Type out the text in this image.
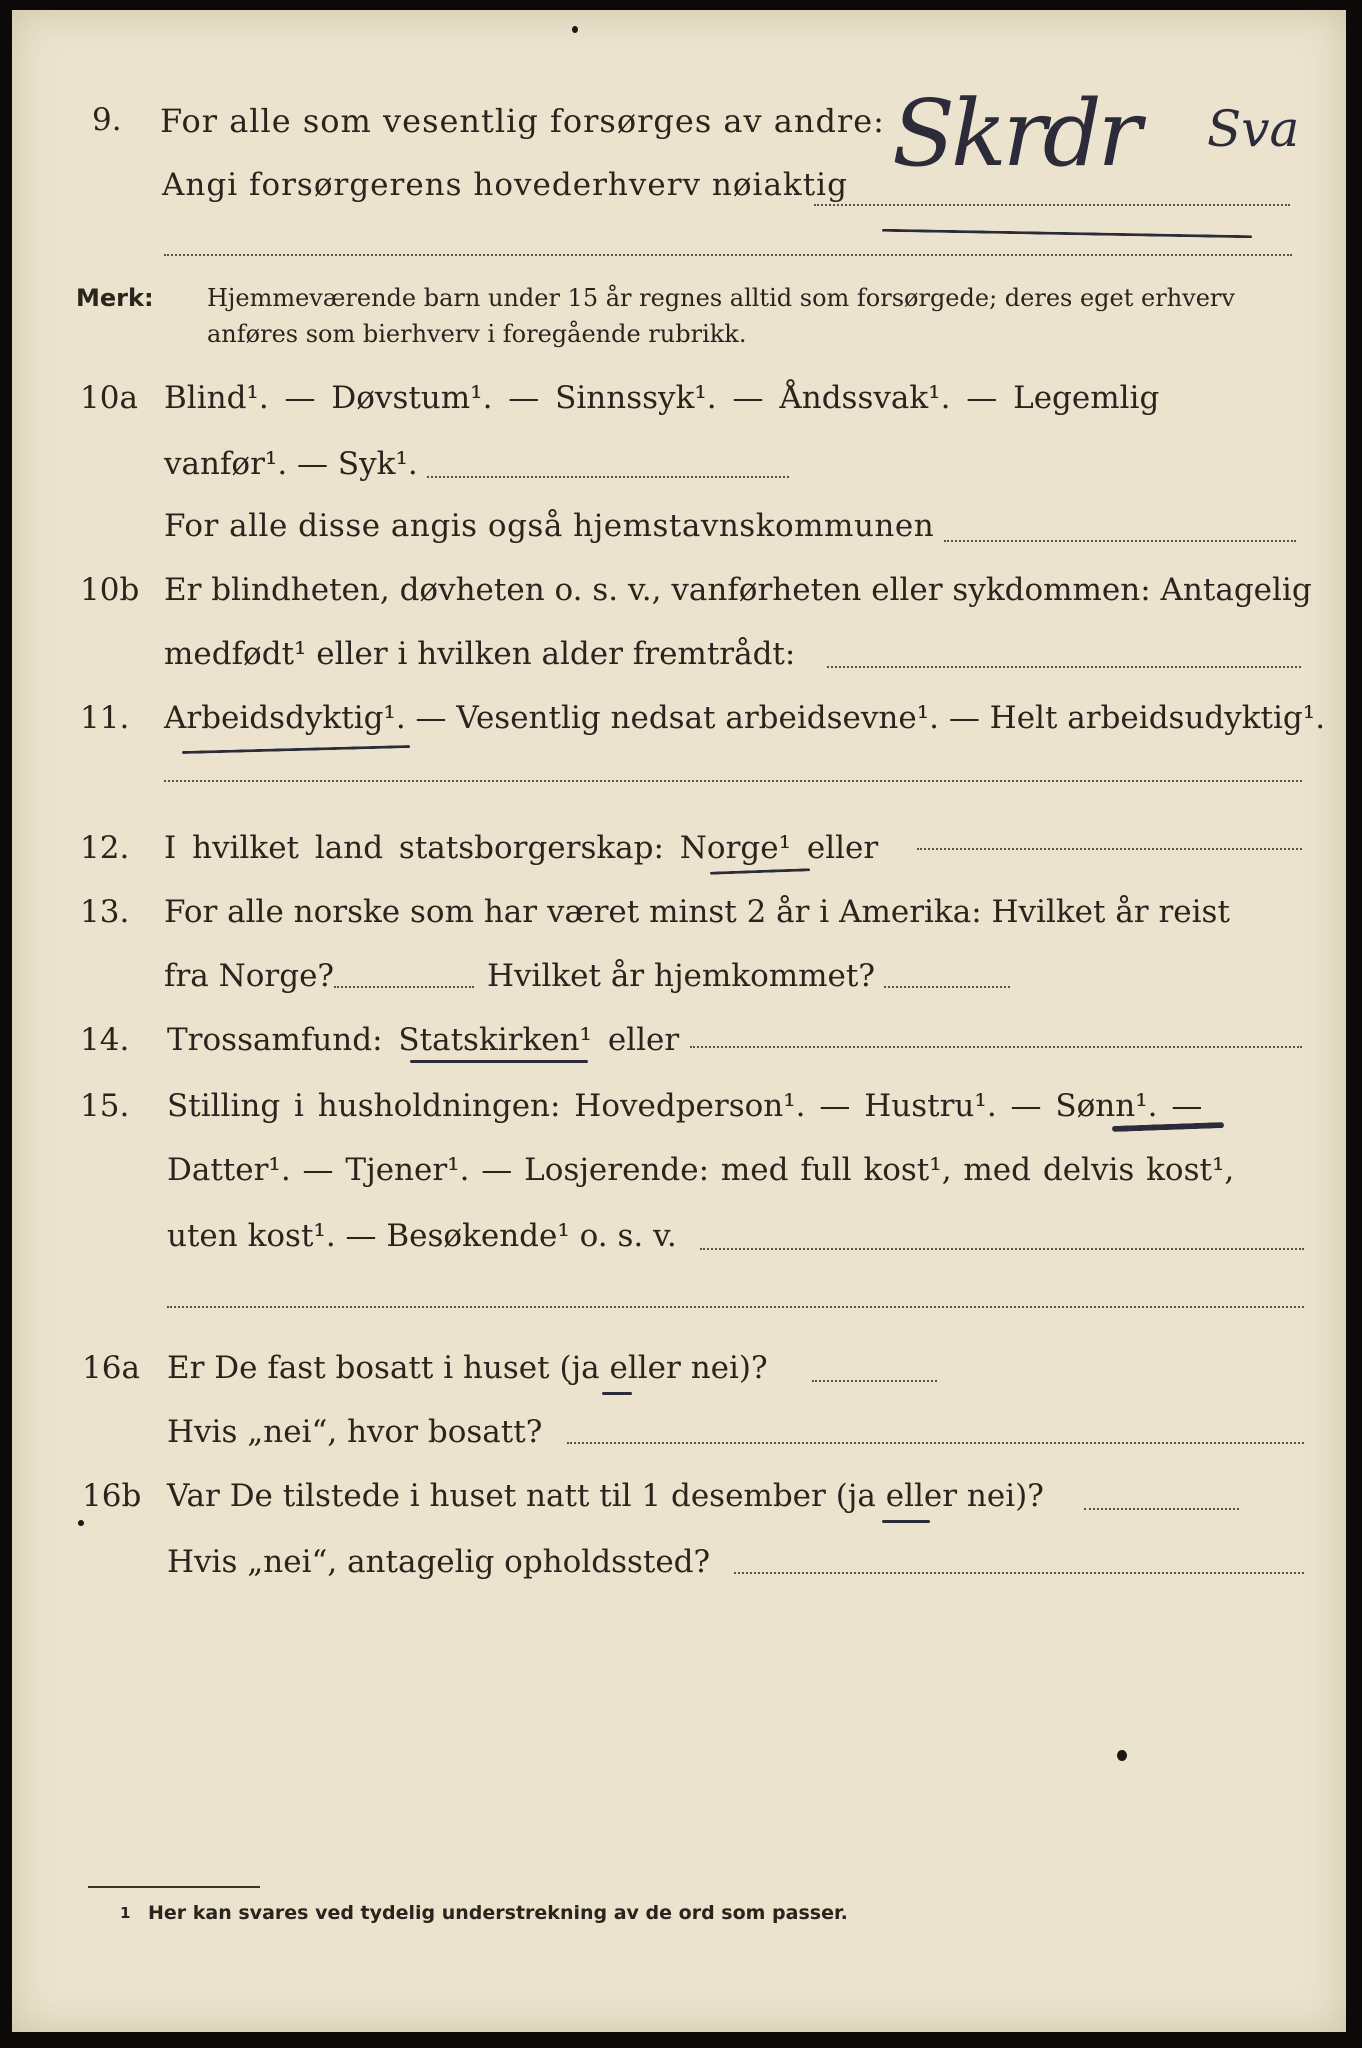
9. For alle som vesentlig forsørges av andre:
Angi forsørgerens hovederhverv nøiaktig Skrdr Sva
Merk: Hjemmeværende barn under 15 år regnes alltid som forsørgede; deres eget erhverv
anføres som bierhverv i foregående rubrikk.
10a Blind¹. — Døvstum¹. — Sinnssyk¹. — Åndssvak¹. — Legemlig
vanfør¹. — Syk¹.
For alle disse angis også hjemstavnskommunen
10b Er blindheten, døvheten o. s. v., vanførheten eller sykdommen: Antagelig
medfødt¹ eller i hvilken alder fremtrådt:
11. Arbeidsdyktig¹. — Vesentlig nedsat arbeidsevne¹. — Helt arbeidsudyktig¹.
12. I hvilket land statsborgerskap: Norge¹ eller
13. For alle norske som har været minst 2 år i Amerika: Hvilket år reist
fra Norge?	Hvilket år hjemkommet?
14. Trossamfund: Statskirken¹ eller
15. Stilling i husholdningen: Hovedperson¹. — Hustru¹. — Sønn¹. —
Datter¹. — Tjener¹. — Losjerende: med full kost¹, med delvis kost¹,
uten kost¹. — Besøkende¹ o. s. v.
16a Er De fast bosatt i huset (ja eller nei)?
Hvis „nei“, hvor bosatt?
16b Var De tilstede i huset natt til 1 desember (ja eller nei)?
Hvis „nei“, antagelig opholdssted?
1 Her kan svares ved tydelig understrekning av de ord som passer.
